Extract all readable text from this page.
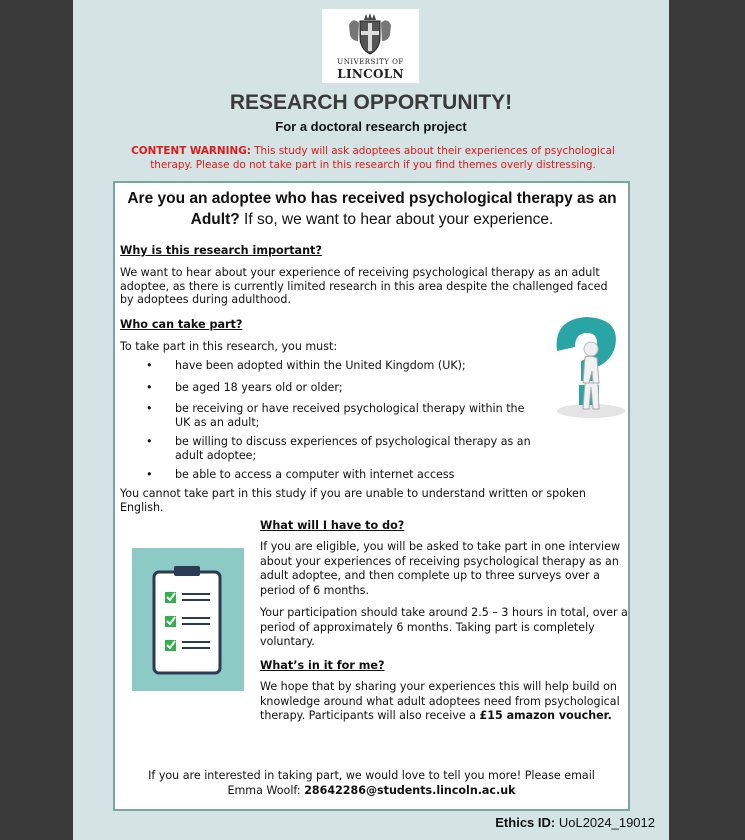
UNIVERSITY OF
LINCOLN
RESEARCH OPPORTUNITY!
For a doctoral research project
CONTENT WARNING: This study will ask adoptees about their experiences of psychological therapy. Please do not take part in this research if you find themes overly distressing.
Are you an adoptee who has received psychological therapy as an Adult? If so, we want to hear about your experience.
Why is this research important?
We want to hear about your experience of receiving psychological therapy as an adult adoptee, as there is currently limited research in this area despite the challenged faced by adoptees during adulthood.
Who can take part?
To take part in this research, you must:
• have been adopted within the United Kingdom (UK);
• be aged 18 years old or older;
• be receiving or have received psychological therapy within the UK as an adult;
• be willing to discuss experiences of psychological therapy as an adult adoptee;
• be able to access a computer with internet access
You cannot take part in this study if you are unable to understand written or spoken English.
What will I have to do?
If you are eligible, you will be asked to take part in one interview about your experiences of receiving psychological therapy as an adult adoptee, and then complete up to three surveys over a period of 6 months.
Your participation should take around 2.5 – 3 hours in total, over a period of approximately 6 months. Taking part is completely voluntary.
What’s in it for me?
We hope that by sharing your experiences this will help build on knowledge around what adult adoptees need from psychological therapy. Participants will also receive a £15 amazon voucher.
If you are interested in taking part, we would love to tell you more! Please email
Emma Woolf: 28642286@students.lincoln.ac.uk
Ethics ID: UoL2024_19012
